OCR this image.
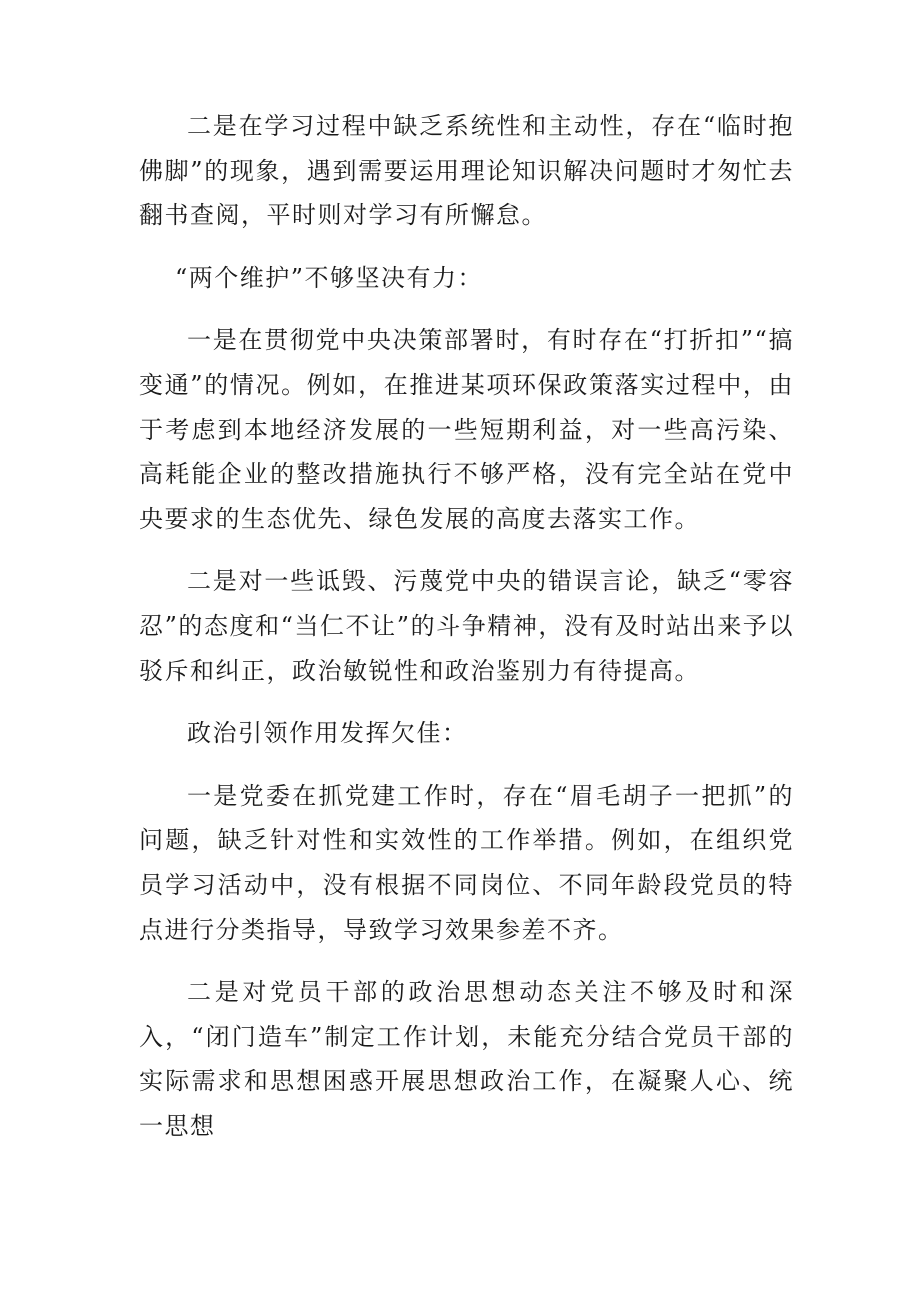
二是在学习过程中缺乏系统性和主动性，存在“临时抱佛脚”的现象，遇到需要运用理论知识解决问题时才匆忙去翻书查阅，平时则对学习有所懈怠。

“两个维护”不够坚决有力：

一是在贯彻党中央决策部署时，有时存在“打折扣”“搞变通”的情况。例如，在推进某项环保政策落实过程中，由于考虑到本地经济发展的一些短期利益，对一些高污染、高耗能企业的整改措施执行不够严格，没有完全站在党中央要求的生态优先、绿色发展的高度去落实工作。

二是对一些诋毁、污蔑党中央的错误言论，缺乏“零容忍”的态度和“当仁不让”的斗争精神，没有及时站出来予以驳斥和纠正，政治敏锐性和政治鉴别力有待提高。

政治引领作用发挥欠佳：

一是党委在抓党建工作时，存在“眉毛胡子一把抓”的问题，缺乏针对性和实效性的工作举措。例如，在组织党员学习活动中，没有根据不同岗位、不同年龄段党员的特点进行分类指导，导致学习效果参差不齐。

二是对党员干部的政治思想动态关注不够及时和深入，“闭门造车”制定工作计划，未能充分结合党员干部的实际需求和思想困惑开展思想政治工作，在凝聚人心、统一思想
